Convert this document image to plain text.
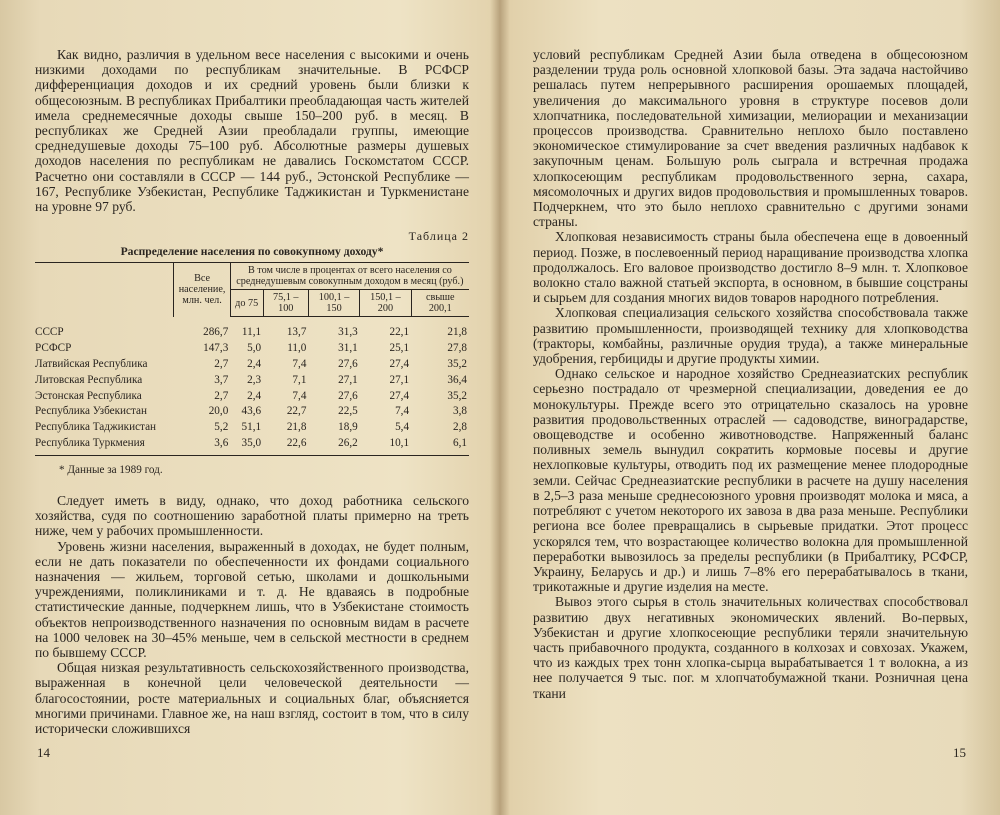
Как видно, различия в удельном весе населения с высокими и очень низкими доходами по республикам значительные. В РСФСР дифференциация доходов и их средний уровень были близки к общесоюзным. В республиках Прибалтики преобладающая часть жителей имела среднемесячные доходы свыше 150–200 руб. в месяц. В республиках же Средней Азии преобладали группы, имеющие среднедушевые доходы 75–100 руб. Абсолютные размеры душевых доходов населения по республикам не давались Госкомстатом СССР. Расчетно они составляли в СССР — 144 руб., Эстонской Республике — 167, Республике Узбекистан, Республике Таджикистан и Туркменистане на уровне 97 руб.

Таблица 2
Распределение населения по совокупному доходу*
	Все население, млн. чел.	В том числе в процентах от всего населения со среднедушевым совокупным доходом в месяц (руб.)				
		до 75	75,1 – 100	100,1 – 150	150,1 – 200	свыше 200,1
СССР	286,7	11,1	13,7	31,3	22,1	21,8
РСФСР	147,3	5,0	11,0	31,1	25,1	27,8
Латвийская Республика	2,7	2,4	7,4	27,6	27,4	35,2
Литовская Республика	3,7	2,3	7,1	27,1	27,1	36,4
Эстонская Республика	2,7	2,4	7,4	27,6	27,4	35,2
Республика Узбекистан	20,0	43,6	22,7	22,5	7,4	3,8
Республика Таджикистан	5,2	51,1	21,8	18,9	5,4	2,8
Республика Туркмения	3,6	35,0	22,6	26,2	10,1	6,1
* Данные за 1989 год.

Следует иметь в виду, однако, что доход работника сельского хозяйства, судя по соотношению заработной платы примерно на треть ниже, чем у рабочих промышленности.

Уровень жизни населения, выраженный в доходах, не будет полным, если не дать показатели по обеспеченности их фондами социального назначения — жильем, торговой сетью, школами и дошкольными учреждениями, поликлиниками и т. д. Не вдаваясь в подробные статистические данные, подчеркнем лишь, что в Узбекистане стоимость объектов непроизводственного назначения по основным видам в расчете на 1000 человек на 30–45% меньше, чем в сельской местности в среднем по бывшему СССР.

Общая низкая результативность сельскохозяйственного производства, выраженная в конечной цели человеческой деятельности — благосостоянии, росте материальных и социальных благ, объясняется многими причинами. Главное же, на наш взгляд, состоит в том, что в силу исторически сложившихся

14

условий республикам Средней Азии была отведена в общесоюзном разделении труда роль основной хлопковой базы. Эта задача настойчиво решалась путем непрерывного расширения орошаемых площадей, увеличения до максимального уровня в структуре посевов доли хлопчатника, последовательной химизации, мелиорации и механизации процессов производства. Сравнительно неплохо было поставлено экономическое стимулирование за счет введения различных надбавок к закупочным ценам. Большую роль сыграла и встречная продажа хлопкосеющим республикам продовольственного зерна, сахара, мясомолочных и других видов продовольствия и промышленных товаров. Подчеркнем, что это было неплохо сравнительно с другими зонами страны.

Хлопковая независимость страны была обеспечена еще в довоенный период. Позже, в послевоенный период наращивание производства хлопка продолжалось. Его валовое производство достигло 8–9 млн. т. Хлопковое волокно стало важной статьей экспорта, в основном, в бывшие соцстраны и сырьем для создания многих видов товаров народного потребления.

Хлопковая специализация сельского хозяйства способствовала также развитию промышленности, производящей технику для хлопководства (тракторы, комбайны, различные орудия труда), а также минеральные удобрения, гербициды и другие продукты химии.

Однако сельское и народное хозяйство Среднеазиатских республик серьезно пострадало от чрезмерной специализации, доведения ее до монокультуры. Прежде всего это отрицательно сказалось на уровне развития продовольственных отраслей — садоводстве, виноградарстве, овощеводстве и особенно животноводстве. Напряженный баланс поливных земель вынудил сократить кормовые посевы и другие нехлопковые культуры, отводить под их размещение менее плодородные земли. Сейчас Среднеазиатские республики в расчете на душу населения в 2,5–3 раза меньше среднесоюзного уровня производят молока и мяса, а потребляют с учетом некоторого их завоза в два раза меньше. Республики региона все более превращались в сырьевые придатки. Этот процесс ускорялся тем, что возрастающее количество волокна для промышленной переработки вывозилось за пределы республики (в Прибалтику, РСФСР, Украину, Беларусь и др.) и лишь 7–8% его перерабатывалось в ткани, трикотажные и другие изделия на месте.

Вывоз этого сырья в столь значительных количествах способствовал развитию двух негативных экономических явлений. Во-первых, Узбекистан и другие хлопкосеющие республики теряли значительную часть прибавочного продукта, созданного в колхозах и совхозах. Укажем, что из каждых трех тонн хлопка-сырца вырабатывается 1 т волокна, а из нее получается 9 тыс. пог. м хлопчатобумажной ткани. Розничная цена ткани

15
